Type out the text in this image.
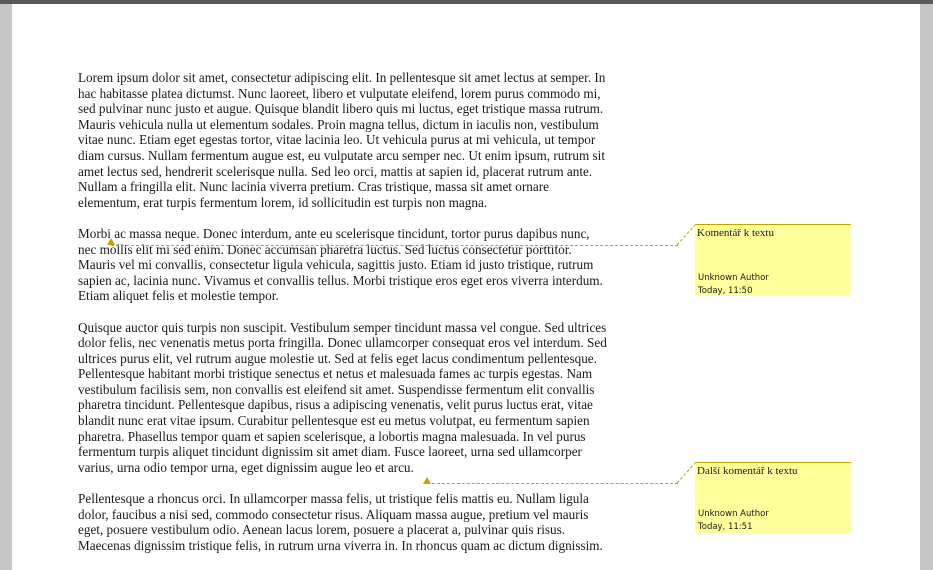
Lorem ipsum dolor sit amet, consectetur adipiscing elit. In pellentesque sit amet lectus at semper. In
hac habitasse platea dictumst. Nunc laoreet, libero et vulputate eleifend, lorem purus commodo mi,
sed pulvinar nunc justo et augue. Quisque blandit libero quis mi luctus, eget tristique massa rutrum.
Mauris vehicula nulla ut elementum sodales. Proin magna tellus, dictum in iaculis non, vestibulum
vitae nunc. Etiam eget egestas tortor, vitae lacinia leo. Ut vehicula purus at mi vehicula, ut tempor
diam cursus. Nullam fermentum augue est, eu vulputate arcu semper nec. Ut enim ipsum, rutrum sit
amet lectus sed, hendrerit scelerisque nulla. Sed leo orci, mattis at sapien id, placerat rutrum ante.
Nullam a fringilla elit. Nunc lacinia viverra pretium. Cras tristique, massa sit amet ornare
elementum, erat turpis fermentum lorem, id sollicitudin est turpis non magna.

Morbi ac massa neque. Donec interdum, ante eu scelerisque tincidunt, tortor purus dapibus nunc,
nec mollis elit mi sed enim. Donec accumsan pharetra luctus. Sed luctus consectetur porttitor.
Mauris vel mi convallis, consectetur ligula vehicula, sagittis justo. Etiam id justo tristique, rutrum
sapien ac, lacinia nunc. Vivamus et convallis tellus. Morbi tristique eros eget eros viverra interdum.
Etiam aliquet felis et molestie tempor.

Quisque auctor quis turpis non suscipit. Vestibulum semper tincidunt massa vel congue. Sed ultrices
dolor felis, nec venenatis metus porta fringilla. Donec ullamcorper consequat eros vel interdum. Sed
ultrices purus elit, vel rutrum augue molestie ut. Sed at felis eget lacus condimentum pellentesque.
Pellentesque habitant morbi tristique senectus et netus et malesuada fames ac turpis egestas. Nam
vestibulum facilisis sem, non convallis est eleifend sit amet. Suspendisse fermentum elit convallis
pharetra tincidunt. Pellentesque dapibus, risus a adipiscing venenatis, velit purus luctus erat, vitae
blandit nunc erat vitae ipsum. Curabitur pellentesque est eu metus volutpat, eu fermentum sapien
pharetra. Phasellus tempor quam et sapien scelerisque, a lobortis magna malesuada. In vel purus
fermentum turpis aliquet tincidunt dignissim sit amet diam. Fusce laoreet, urna sed ullamcorper
varius, urna odio tempor urna, eget dignissim augue leo et arcu.

Pellentesque a rhoncus orci. In ullamcorper massa felis, ut tristique felis mattis eu. Nullam ligula
dolor, faucibus a nisi sed, commodo consectetur risus. Aliquam massa augue, pretium vel mauris
eget, posuere vestibulum odio. Aenean lacus lorem, posuere a placerat a, pulvinar quis risus.
Maecenas dignissim tristique felis, in rutrum urna viverra in. In rhoncus quam ac dictum dignissim.

Komentář k textu
Unknown Author
Today, 11:50
Další komentář k textu
Unknown Author
Today, 11:51
